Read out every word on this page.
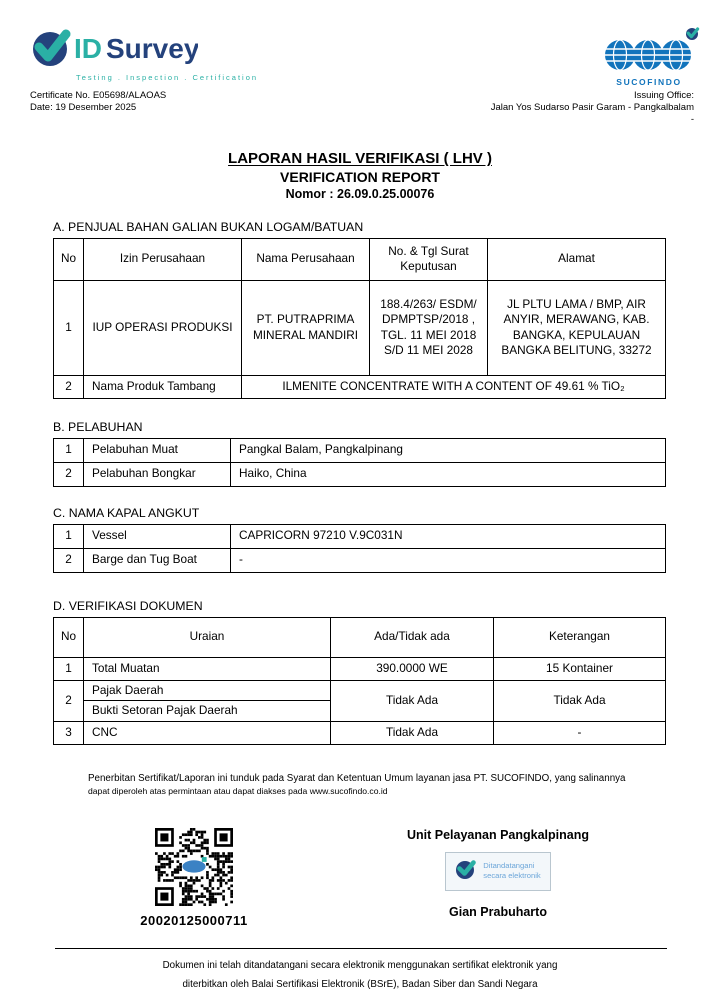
ID Survey
Testing . Inspection . Certification
Certificate No. E05698/ALAOAS
Date: 19 Desember 2025
SUCOFINDO
Issuing Office:
Jalan Yos Sudarso Pasir Garam - Pangkalbalam
-
LAPORAN HASIL VERIFIKASI ( LHV )
VERIFICATION REPORT
Nomor : 26.09.0.25.00076
A. PENJUAL BAHAN GALIAN BUKAN LOGAM/BATUAN
No	Izin Perusahaan	Nama Perusahaan	No. & Tgl Surat Keputusan	Alamat
1	IUP OPERASI PRODUKSI	PT. PUTRAPRIMA MINERAL MANDIRI	188.4/263/ ESDM/ DPMPTSP/2018 , TGL. 11 MEI 2018 S/D 11 MEI 2028	JL PLTU LAMA / BMP, AIR ANYIR, MERAWANG, KAB. BANGKA, KEPULAUAN BANGKA BELITUNG, 33272
2	Nama Produk Tambang	ILMENITE CONCENTRATE WITH A CONTENT OF 49.61 % TiO₂		
B. PELABUHAN
1	Pelabuhan Muat	Pangkal Balam, Pangkalpinang
2	Pelabuhan Bongkar	Haiko, China
C. NAMA KAPAL ANGKUT
1	Vessel	CAPRICORN 97210 V.9C031N
2	Barge dan Tug Boat	-
D. VERIFIKASI DOKUMEN
No	Uraian	Ada/Tidak ada	Keterangan
1	Total Muatan	390.0000 WE	15 Kontainer
2	Pajak Daerah	Tidak Ada	Tidak Ada
	Bukti Setoran Pajak Daerah		
3	CNC	Tidak Ada	-
Penerbitan Sertifikat/Laporan ini tunduk pada Syarat dan Ketentuan Umum layanan jasa PT. SUCOFINDO, yang salinannya
dapat diperoleh atas permintaan atau dapat diakses pada www.sucofindo.co.id
20020125000711
Unit Pelayanan Pangkalpinang
Ditandatangani
secara elektronik
Gian Prabuharto
Dokumen ini telah ditandatangani secara elektronik menggunakan sertifikat elektronik yang
diterbitkan oleh Balai Sertifikasi Elektronik (BSrE), Badan Siber dan Sandi Negara
